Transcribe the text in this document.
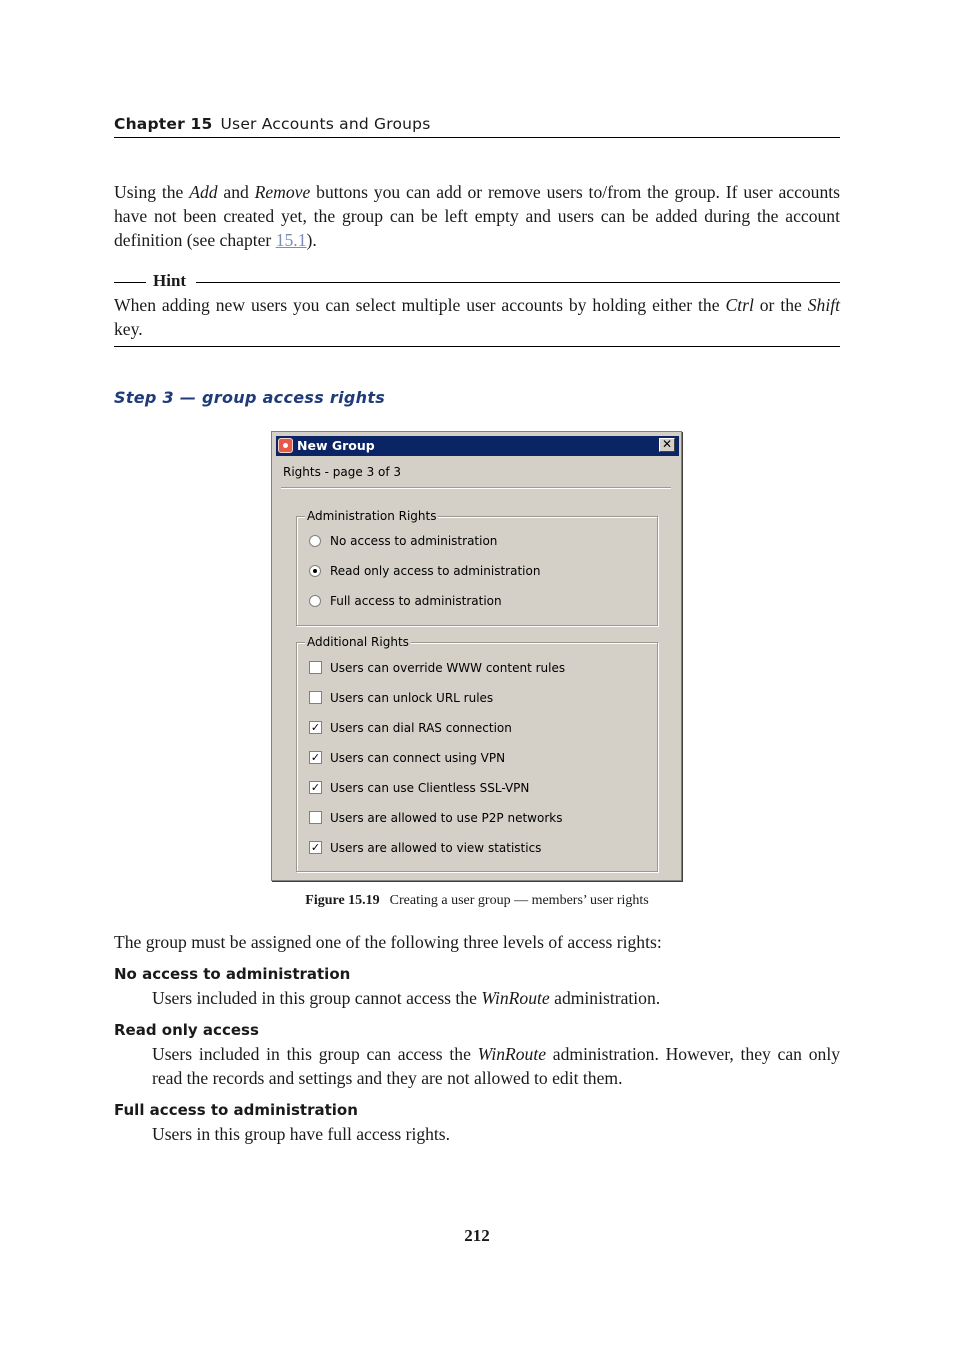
Chapter 15 User Accounts and Groups
Using the Add and Remove buttons you can add or remove users to/from the group. If user accounts have not been created yet, the group can be left empty and users can be added during the account definition (see chapter 15.1).
Hint
When adding new users you can select multiple user accounts by holding either the Ctrl or the Shift key.
Step 3 — group access rights
New Group	✕
Rights - page 3 of 3
Administration Rights
No access to administration
Read only access to administration
Full access to administration
Additional Rights
Users can override WWW content rules
Users can unlock URL rules
✓ Users can dial RAS connection
✓ Users can connect using VPN
✓ Users can use Clientless SSL-VPN
Users are allowed to use P2P networks
✓ Users are allowed to view statistics
Figure 15.19 Creating a user group — members’ user rights
The group must be assigned one of the following three levels of access rights:
No access to administration
Users included in this group cannot access the WinRoute administration.
Read only access
Users included in this group can access the WinRoute administration. However, they can only read the records and settings and they are not allowed to edit them.
Full access to administration
Users in this group have full access rights.
212
